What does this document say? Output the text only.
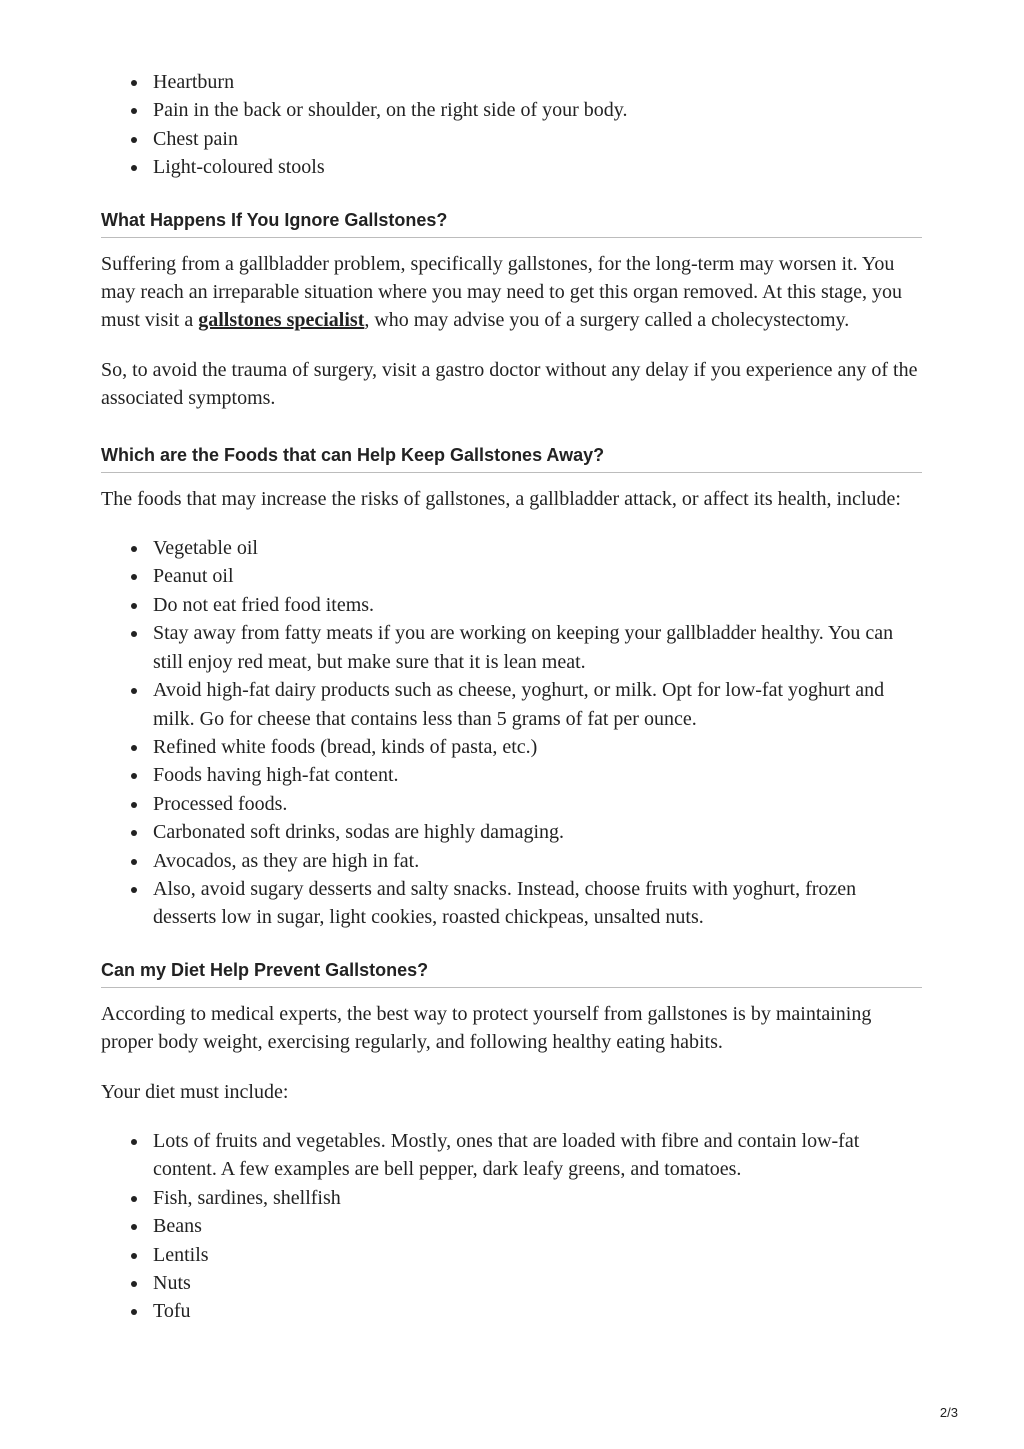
Heartburn
Pain in the back or shoulder, on the right side of your body.
Chest pain
Light-coloured stools
What Happens If You Ignore Gallstones?

Suffering from a gallbladder problem, specifically gallstones, for the long-term may worsen it. You may reach an irreparable situation where you may need to get this organ removed. At this stage, you must visit a gallstones specialist, who may advise you of a surgery called a cholecystectomy.

So, to avoid the trauma of surgery, visit a gastro doctor without any delay if you experience any of the associated symptoms.

Which are the Foods that can Help Keep Gallstones Away?

The foods that may increase the risks of gallstones, a gallbladder attack, or affect its health, include:

Vegetable oil
Peanut oil
Do not eat fried food items.
Stay away from fatty meats if you are working on keeping your gallbladder healthy. You can still enjoy red meat, but make sure that it is lean meat.
Avoid high-fat dairy products such as cheese, yoghurt, or milk. Opt for low-fat yoghurt and milk. Go for cheese that contains less than 5 grams of fat per ounce.
Refined white foods (bread, kinds of pasta, etc.)
Foods having high-fat content.
Processed foods.
Carbonated soft drinks, sodas are highly damaging.
Avocados, as they are high in fat.
Also, avoid sugary desserts and salty snacks. Instead, choose fruits with yoghurt, frozen desserts low in sugar, light cookies, roasted chickpeas, unsalted nuts.
Can my Diet Help Prevent Gallstones?

According to medical experts, the best way to protect yourself from gallstones is by maintaining proper body weight, exercising regularly, and following healthy eating habits.

Your diet must include:

Lots of fruits and vegetables. Mostly, ones that are loaded with fibre and contain low-fat content. A few examples are bell pepper, dark leafy greens, and tomatoes.
Fish, sardines, shellfish
Beans
Lentils
Nuts
Tofu
2/3
